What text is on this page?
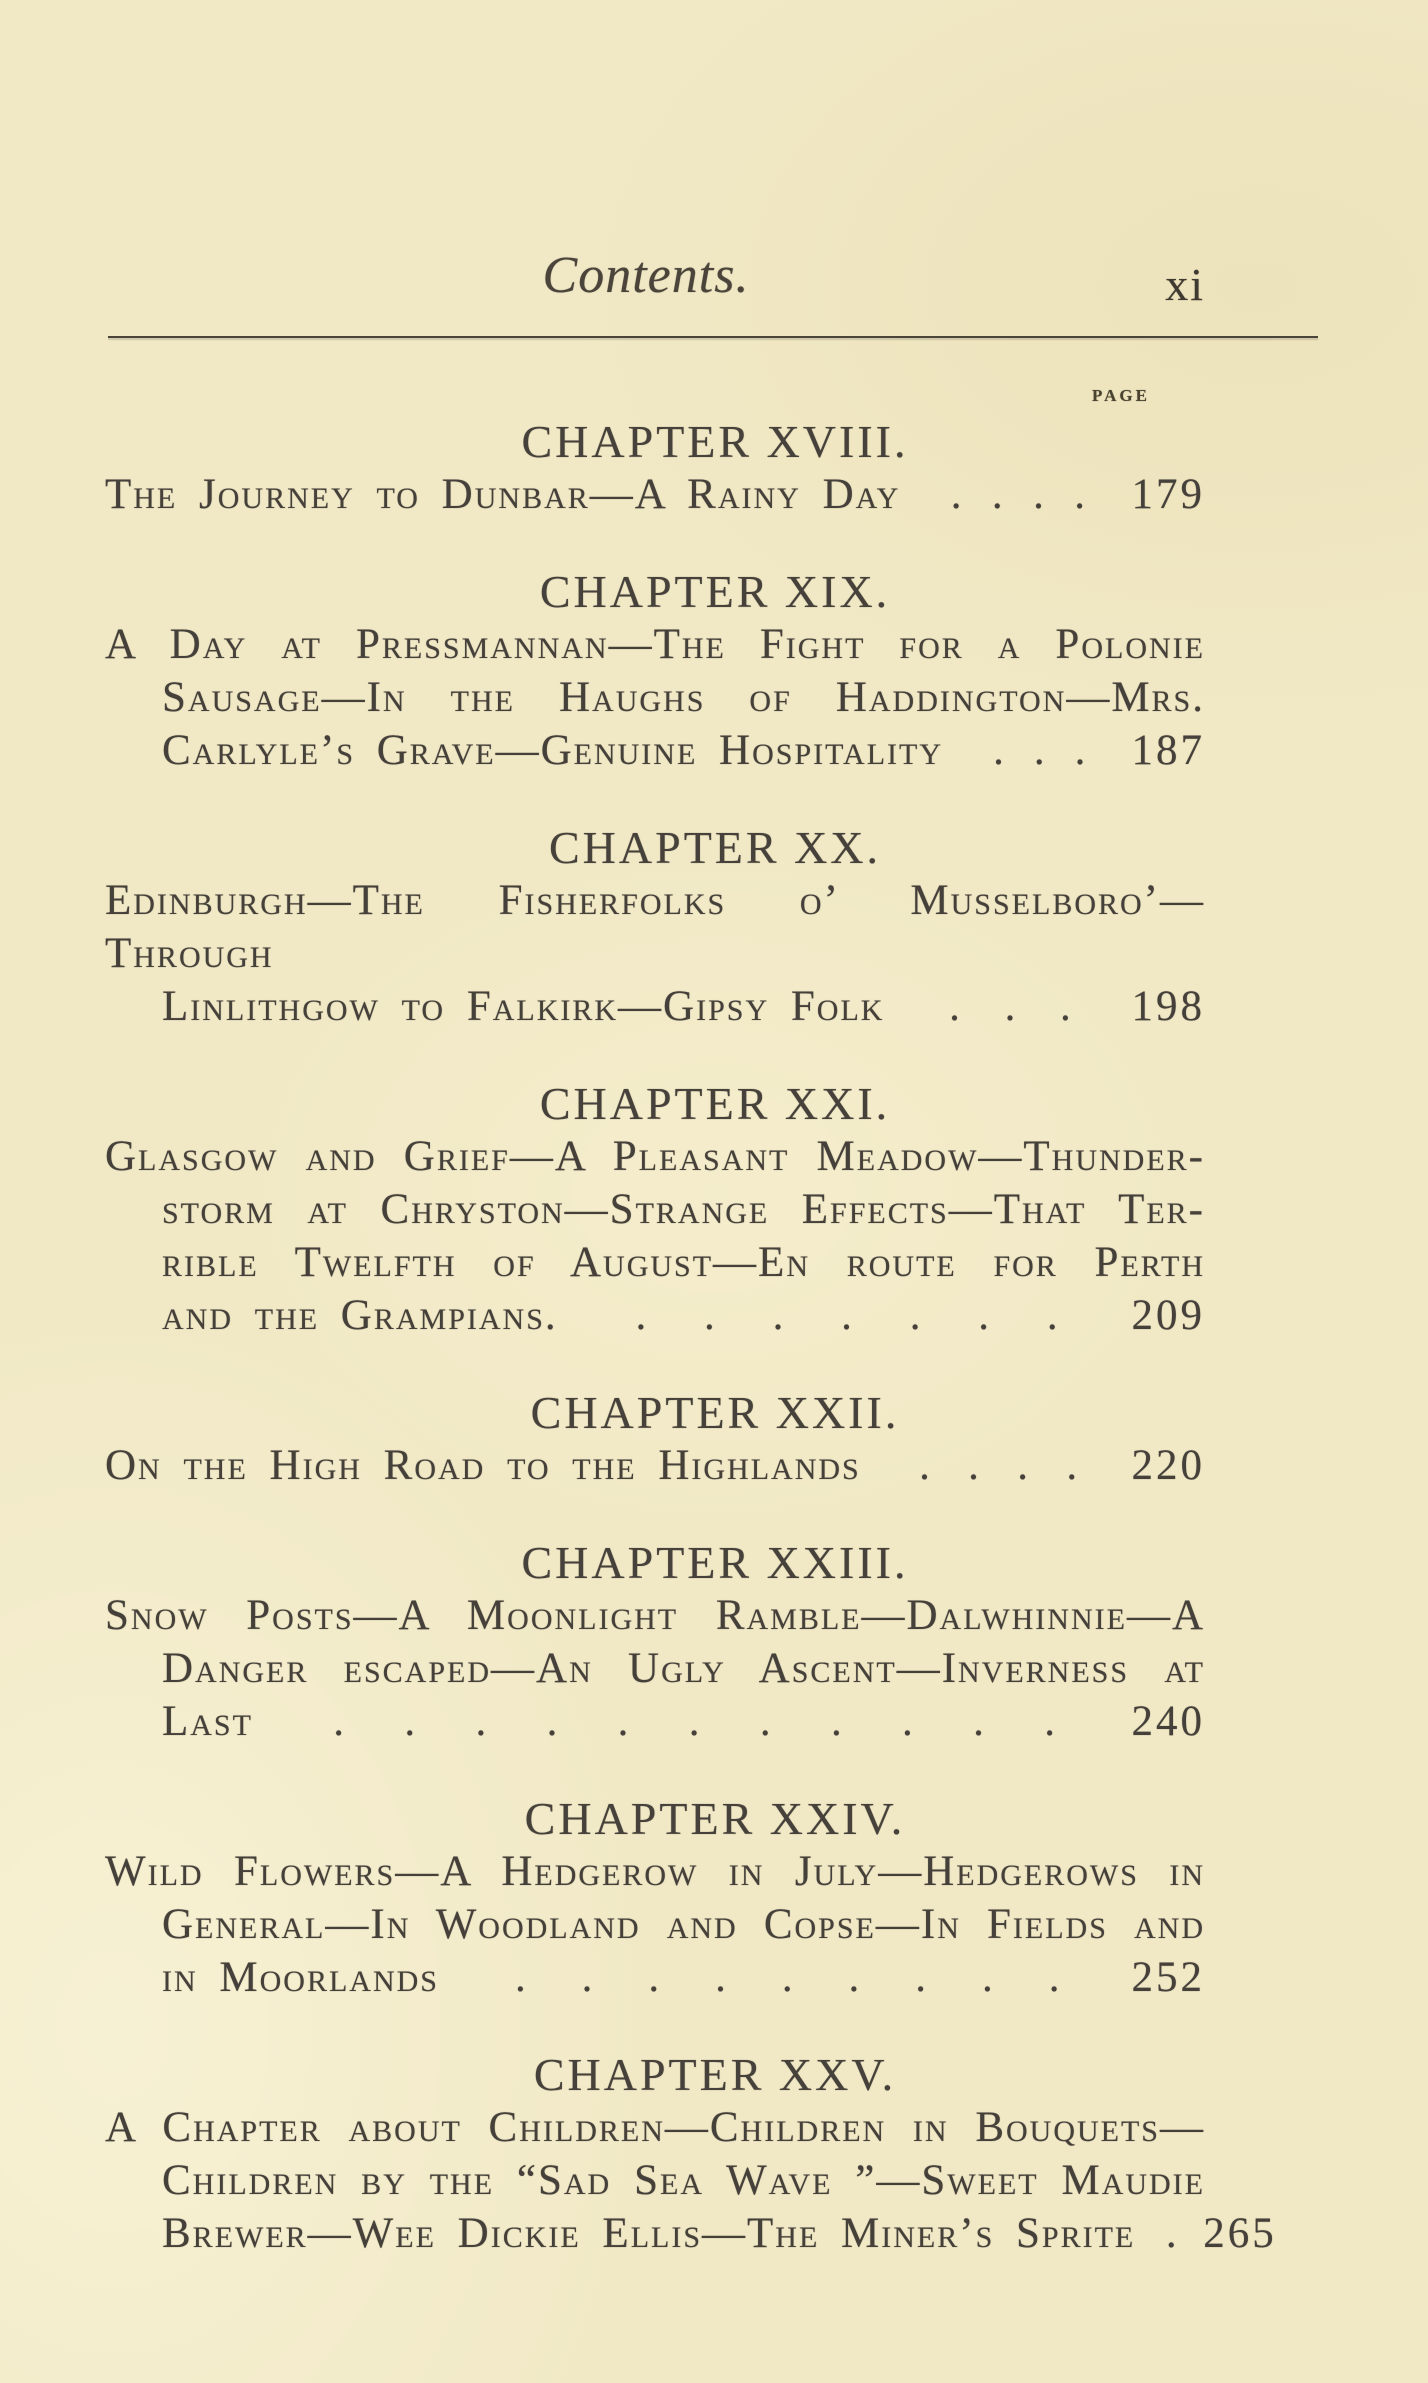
Contents.	xi
PAGE
CHAPTER XVIII.
The Journey to Dunbar—A Rainy Day . . . . 179
CHAPTER XIX.
A Day at Pressmannan—The Fight for a Polonie
Sausage—In the Haughs of Haddington—Mrs.
Carlyle’s Grave—Genuine Hospitality . . . 187
CHAPTER XX.
Edinburgh—The Fisherfolks o’ Musselboro’—Through
Linlithgow to Falkirk—Gipsy Folk . . . 198
CHAPTER XXI.
Glasgow and Grief—A Pleasant Meadow—Thunder-
storm at Chryston—Strange Effects—That Ter-
rible Twelfth of August—En route for Perth
and the Grampians. . . . . . . . 209
CHAPTER XXII.
On the High Road to the Highlands . . . . 220
CHAPTER XXIII.
Snow Posts—A Moonlight Ramble—Dalwhinnie—A
Danger escaped—An Ugly Ascent—Inverness at
Last . . . . . . . . . . . 240
CHAPTER XXIV.
Wild Flowers—A Hedgerow in July—Hedgerows in
General—In Woodland and Copse—In Fields and
in Moorlands . . . . . . . . . 252
CHAPTER XXV.
A Chapter about Children—Children in Bouquets—
Children by the “Sad Sea Wave ”—Sweet Maudie
Brewer—Wee Dickie Ellis—The Miner’s Sprite . 265
